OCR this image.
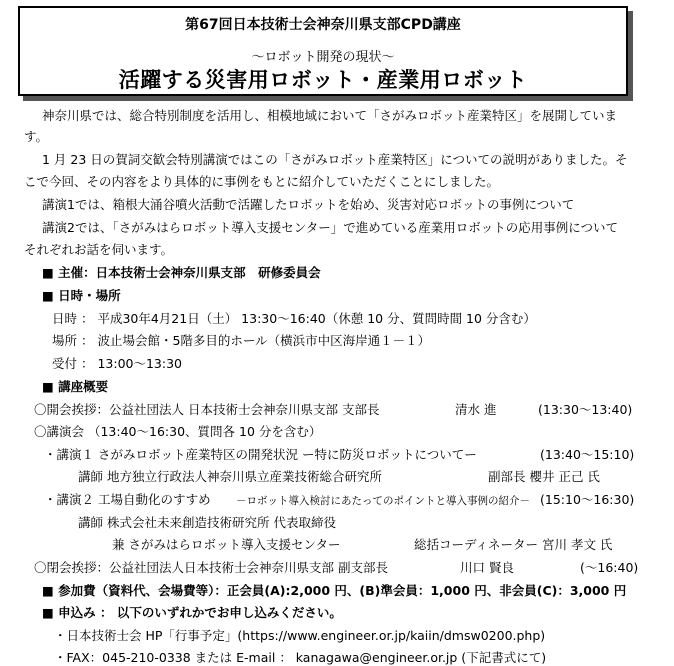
第67回日本技術士会神奈川県支部CPD講座
～ロボット開発の現状～
活躍する災害用ロボット・産業用ロボット
神奈川県では、総合特別制度を活用し、相模地域において「さがみロボット産業特区」を展開していま
す。
1 月 23 日の賀詞交歓会特別講演ではこの「さがみロボット産業特区」についての説明がありました。そ
こで今回、その内容をより具体的に事例をもとに紹介していただくことにしました。
講演1では、箱根大涌谷噴火活動で活躍したロボットを始め、災害対応ロボットの事例について
講演2では、「さがみはらロボット導入支援センター」で進めている産業用ロボットの応用事例について
それぞれお話を伺います。
■ 主催：日本技術士会神奈川県支部　研修委員会
■ 日時・場所
日時 ： 平成30年4月21日（土） 13:30～16:40（休憩 10 分、質問時間 10 分含む）
場所 ： 波止場会館・5階多目的ホール（横浜市中区海岸通１－１）
受付 ： 13:00～13:30
■ 講座概要
〇開会挨拶：公益社団法人 日本技術士会神奈川県支部 支部長	清水 進	(13:30～13:40)
〇講演会 （13:40～16:30、質問各 10 分を含む）
・講演１ さがみロボット産業特区の開発状況 ー特に防災ロボットについてー	(13:40～15:10)
講師 地方独立行政法人神奈川県立産業技術総合研究所	副部長 櫻井 正己 氏
・講演２ 工場自動化のすすめ －ロボット導入検討にあたってのポイントと導入事例の紹介－ (15:10～16:30)
講師 株式会社未来創造技術研究所 代表取締役
兼 さがみはらロボット導入支援センター	総括コーディネーター 宮川 孝文 氏
〇閉会挨拶：公益社団法人日本技術士会神奈川県支部 副支部長	川口 賢良	(～16:40)
■ 参加費（資料代、会場費等）：正会員(A):2,000 円、(B)準会員：1,000 円、非会員(C)：3,000 円
■ 申込み ： 以下のいずれかでお申し込みください。
・日本技術士会 HP「行事予定」(https://www.engineer.or.jp/kaiin/dmsw0200.php)
・FAX：045-210-0338 または E-mail ： kanagawa@engineer.or.jp (下記書式にて)
